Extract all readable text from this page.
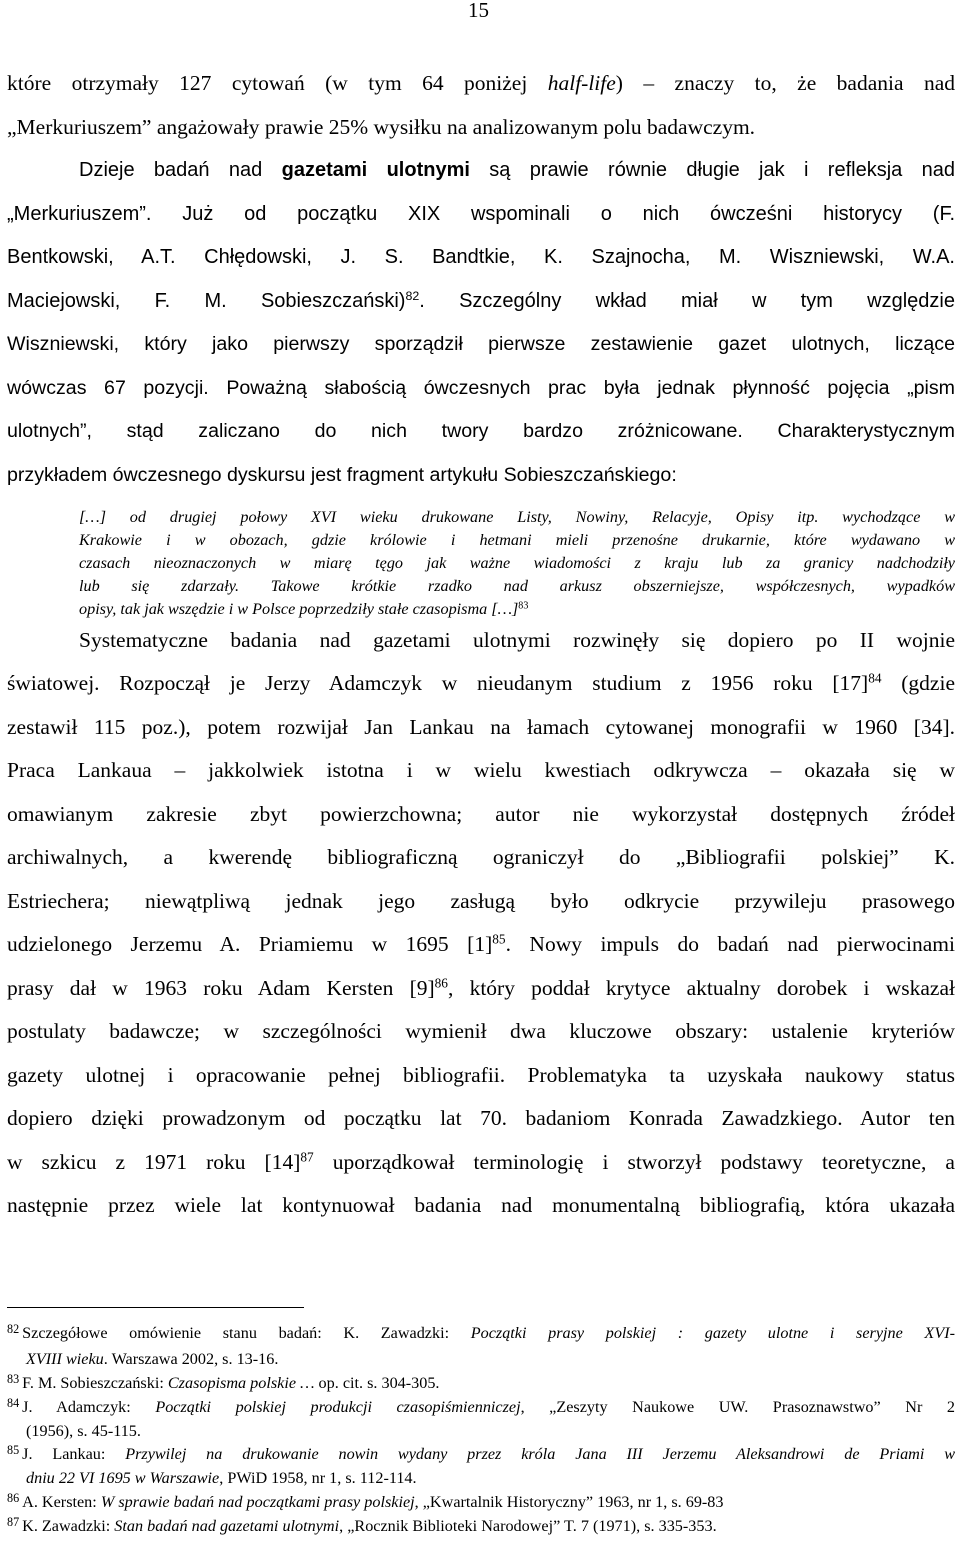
15
które otrzymały 127 cytowań (w tym 64 poniżej half-life) – znaczy to, że badania nad
„Merkuriuszem” angażowały prawie 25% wysiłku na analizowanym polu badawczym.
Dzieje badań nad gazetami ulotnymi są prawie równie długie jak i refleksja nad
„Merkuriuszem”. Już od początku XIX wspominali o nich ówcześni historycy (F.
Bentkowski, A.T. Chłędowski, J. S. Bandtkie, K. Szajnocha, M. Wiszniewski, W.A.
Maciejowski, F. M. Sobieszczański)$^{82}$. Szczególny wkład miał w tym względzie
Wiszniewski, który jako pierwszy sporządził pierwsze zestawienie gazet ulotnych, liczące
wówczas 67 pozycji. Poważną słabością ówczesnych prac była jednak płynność pojęcia „pism
ulotnych”, stąd zaliczano do nich twory bardzo zróżnicowane. Charakterystycznym
przykładem ówczesnego dyskursu jest fragment artykułu Sobieszczańskiego:
[…] od drugiej połowy XVI wieku drukowane Listy, Nowiny, Relacyje, Opisy itp. wychodzące w
Krakowie i w obozach, gdzie królowie i hetmani mieli przenośne drukarnie, które wydawano w
czasach nieoznaczonych w miarę tęgo jak ważne wiadomości z kraju lub za granicy nadchodziły
lub się zdarzały. Takowe krótkie rzadko nad arkusz obszerniejsze, współczesnych, wypadków
opisy, tak jak wszędzie i w Polsce poprzedziły stałe czasopisma […]$^{83}$
Systematyczne badania nad gazetami ulotnymi rozwinęły się dopiero po II wojnie
światowej. Rozpoczął je Jerzy Adamczyk w nieudanym studium z 1956 roku $[17]^{84}$ (gdzie
zestawił 115 poz.), potem rozwijał Jan Lankau na łamach cytowanej monografii w 1960 [34].
Praca Lankaua – jakkolwiek istotna i w wielu kwestiach odkrywcza – okazała się w
omawianym zakresie zbyt powierzchowna; autor nie wykorzystał dostępnych źródeł
archiwalnych, a kwerendę bibliograficzną ograniczył do „Bibliografii polskiej” K.
Estriechera; niewątpliwą jednak jego zasługą było odkrycie przywileju prasowego
udzielonego Jerzemu A. Priamiemu w 1695 $[1]^{85}$. Nowy impuls do badań nad pierwocinami
prasy dał w 1963 roku Adam Kersten $[9]^{86}$, który poddał krytyce aktualny dorobek i wskazał
postulaty badawcze; w szczególności wymienił dwa kluczowe obszary: ustalenie kryteriów
gazety ulotnej i opracowanie pełnej bibliografii. Problematyka ta uzyskała naukowy status
dopiero dzięki prowadzonym od początku lat 70. badaniom Konrada Zawadzkiego. Autor ten
w szkicu z 1971 roku $[14]^{87}$ uporządkował terminologię i stworzył podstawy teoretyczne, a
następnie przez wiele lat kontynuował badania nad monumentalną bibliografią, która ukazała
$^{82}$ Szczegółowe omówienie stanu badań: K. Zawadzki: Początki prasy polskiej : gazety ulotne i seryjne XVI-
XVIII wieku. Warszawa 2002, s. 13-16.
$^{83}$ F. M. Sobieszczański: Czasopisma polskie … op. cit. s. 304-305.
$^{84}$ J. Adamczyk: Początki polskiej produkcji czasopiśmienniczej, „Zeszyty Naukowe UW. Prasoznawstwo” Nr 2
(1956), s. 45-115.
$^{85}$ J. Lankau: Przywilej na drukowanie nowin wydany przez króla Jana III Jerzemu Aleksandrowi de Priami w
dniu 22 VI 1695 w Warszawie, PWiD 1958, nr 1, s. 112-114.
$^{86}$ A. Kersten: W sprawie badań nad początkami prasy polskiej, „Kwartalnik Historyczny” 1963, nr 1, s. 69-83
$^{87}$ K. Zawadzki: Stan badań nad gazetami ulotnymi, „Rocznik Biblioteki Narodowej” T. 7 (1971), s. 335-353.
